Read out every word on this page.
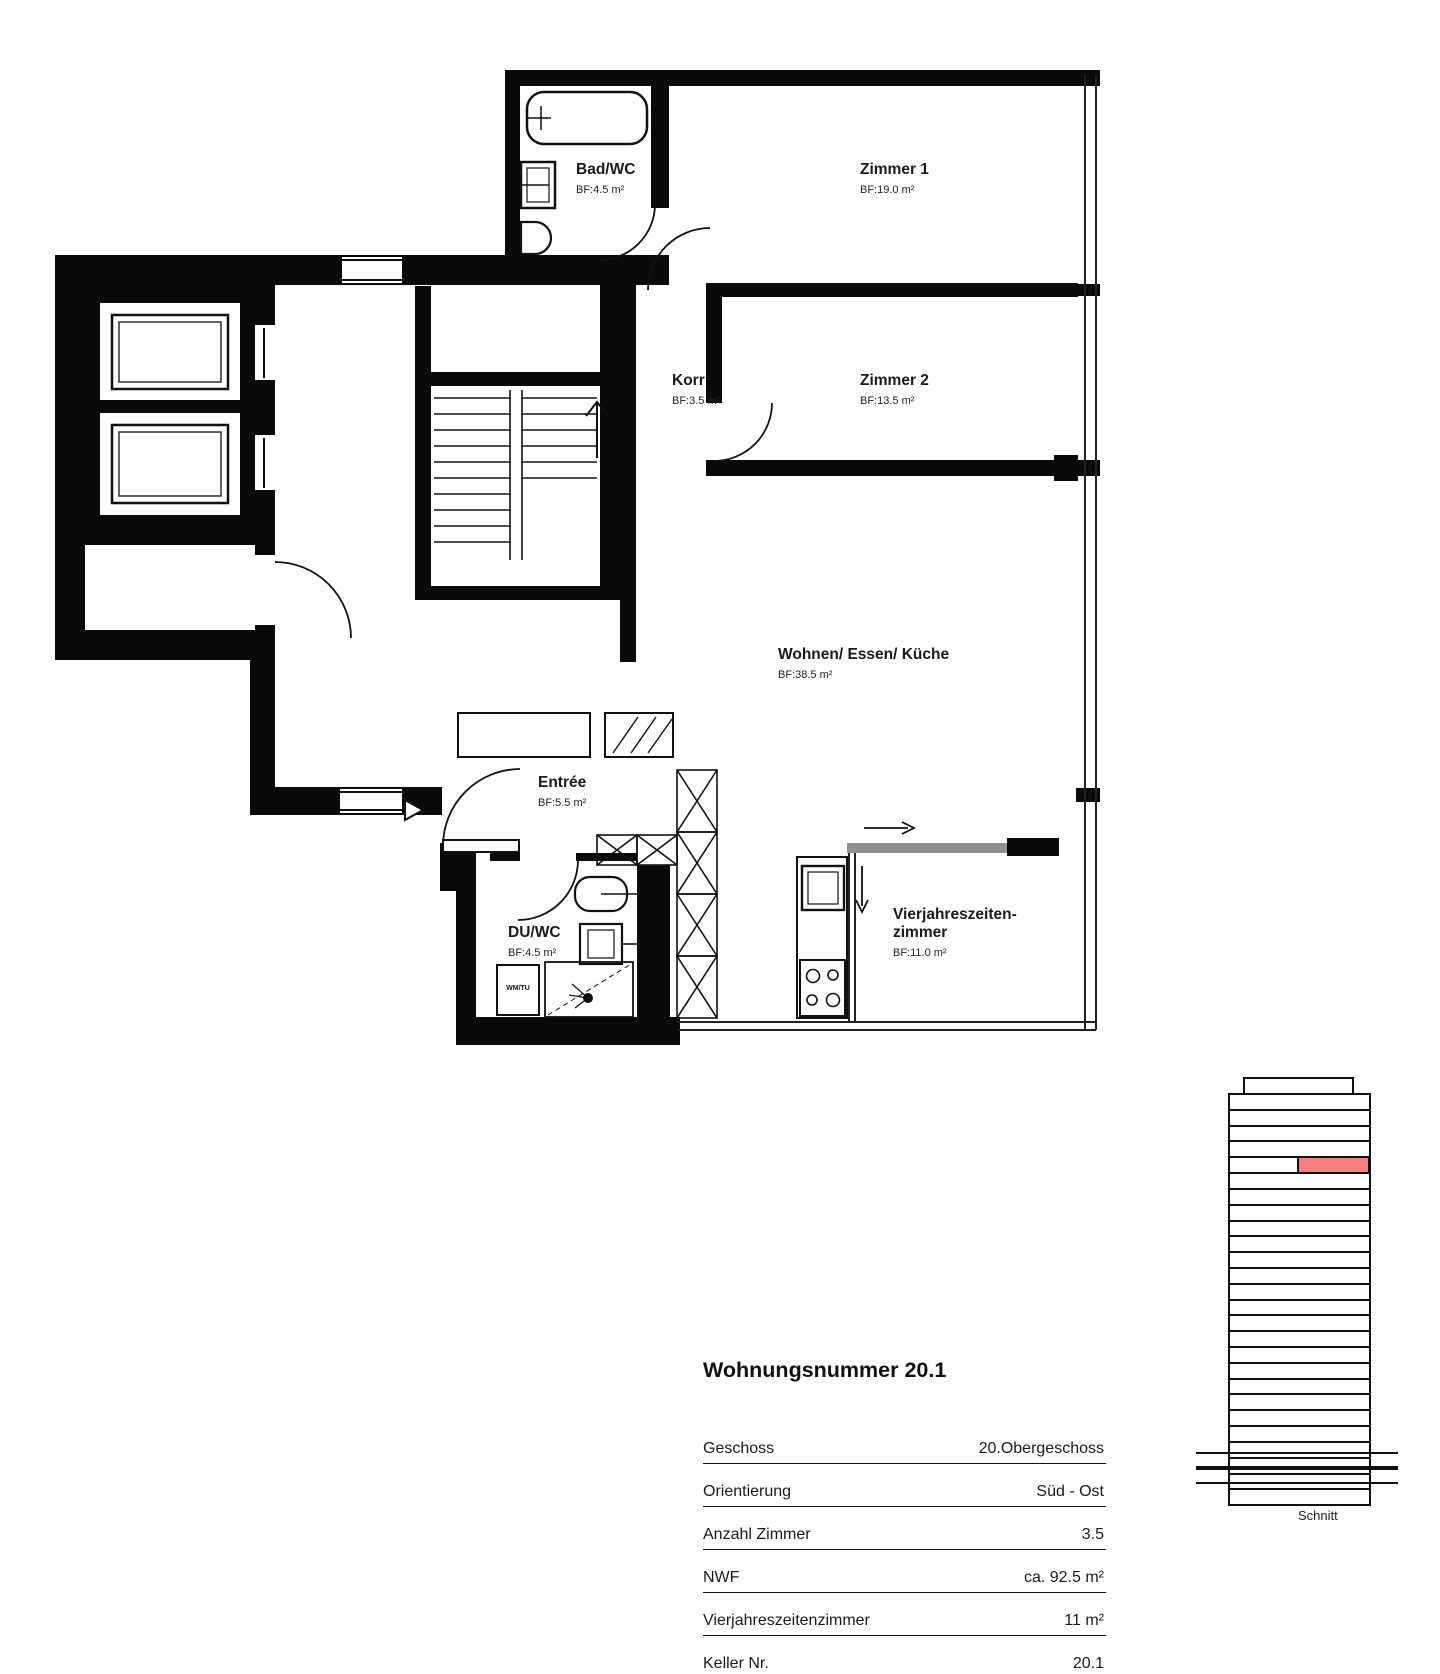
Bad/WC
BF:4.5 m²
Zimmer 1
BF:19.0 m²
Zimmer 2
BF:13.5 m²
Korr
BF:3.5 m²
Wohnen/ Essen/ Küche
BF:38.5 m²
Entrée
BF:5.5 m²
DU/WC
BF:4.5 m²
Vierjahreszeiten-zimmer
BF:11.0 m²
WM/TU
Schnitt
Wohnungsnummer 20.1
Geschoss	20.Obergeschoss
Orientierung	Süd - Ost
Anzahl Zimmer	3.5
NWF	ca. 92.5 m²
Vierjahreszeitenzimmer	11 m²
Keller Nr.	20.1
